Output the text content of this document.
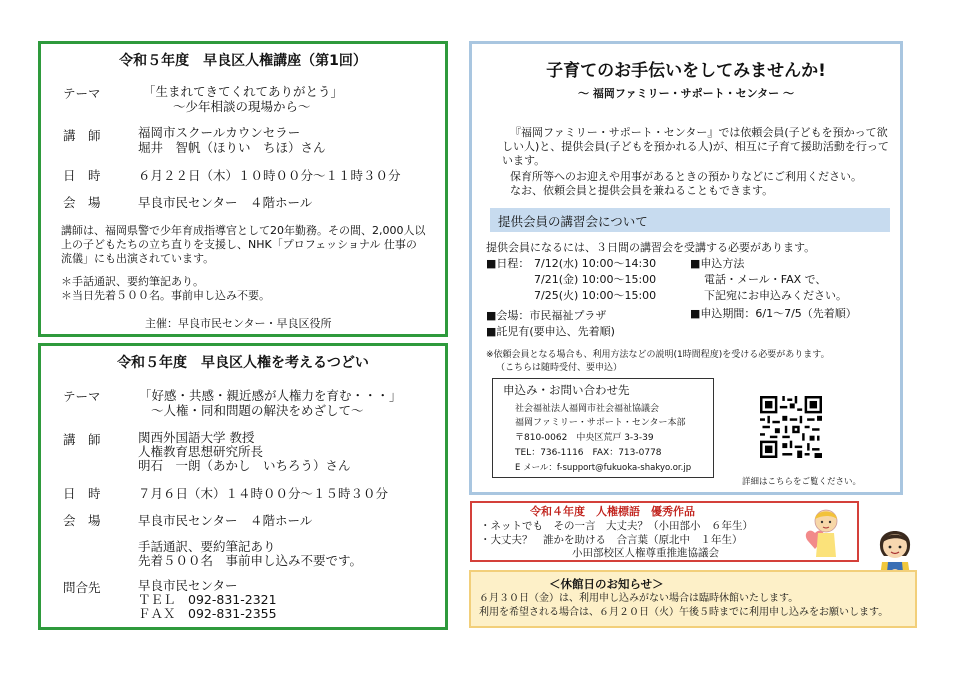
令和５年度　早良区人権講座（第1回）
テーマ	「生まれてきてくれてありがとう」
～少年相談の現場から～
講　師	福岡市スクールカウンセラー
堀井　智帆（ほりい　ちほ）さん
日　時	６月２２日（木）１０時００分～１１時３０分
会　場	早良市民センター　４階ホール
講師は、福岡県警で少年育成指導官として20年勤務。その間、2,000人以上の子どもたちの立ち直りを支援し、NHK「プロフェッショナル 仕事の流儀」にも出演されています。
＊手話通訳、要約筆記あり。
＊当日先着５００名。事前申し込み不要。
主催：早良市民センター・早良区役所
令和５年度　早良区人権を考えるつどい
テーマ	「好感・共感・親近感が人権力を育む・・・」
～人権・同和問題の解決をめざして～
講　師	関西外国語大学 教授
人権教育思想研究所長
明石　一朗（あかし　いちろう）さん
日　時	７月６日（木）１４時００分～１５時３０分
会　場	早良市民センター　４階ホール
手話通訳、要約筆記あり
先着５００名　事前申し込み不要です。
問合先	早良市民センター
ＴＥＬ　092-831-2321
ＦＡＸ　092-831-2355
子育てのお手伝いをしてみませんか!
～ 福岡ファミリー・サポート・センター ～
『福岡ファミリー・サポート・センター』では依頼会員(子どもを預かって欲しい人)と、提供会員(子どもを預かれる人)が、相互に子育て援助活動を行っています。
保育所等へのお迎えや用事があるときの預かりなどにご利用ください。
なお、依頼会員と提供会員を兼ねることもできます。
提供会員の講習会について
提供会員になるには、３日間の講習会を受講する必要があります。
■日程： 7/12(水) 10:00～14:30
7/21(金) 10:00～15:00
7/25(火) 10:00～15:00
■申込方法
電話・メール・FAX で、
下記宛にお申込みください。
■会場：市民福祉プラザ	■申込期間：6/1～7/5（先着順）
■託児有(要申込、先着順)
※依頼会員となる場合も、利用方法などの説明(1時間程度)を受ける必要があります。
（こちらは随時受付、要申込）
申込み・お問い合わせ先
社会福祉法人福岡市社会福祉協議会
福岡ファミリー・サポート・センター本部
〒810-0062　中央区荒戸 3-3-39
TEL：736-1116　FAX：713-0778
E メール：f-support@fukuoka-shakyo.or.jp
詳細はこちらをご覧ください。
令和４年度　人権標語　優秀作品
・ネットでも　その一言　大丈夫？（小田部小　６年生）
・大丈夫？　誰かを助ける　合言葉（原北中　１年生）
小田部校区人権尊重推進協議会
＜休館日のお知らせ＞
６月３０日（金）は、利用申し込みがない場合は臨時休館いたします。
利用を希望される場合は、６月２０日（火）午後５時までに利用申し込みをお願いします。
